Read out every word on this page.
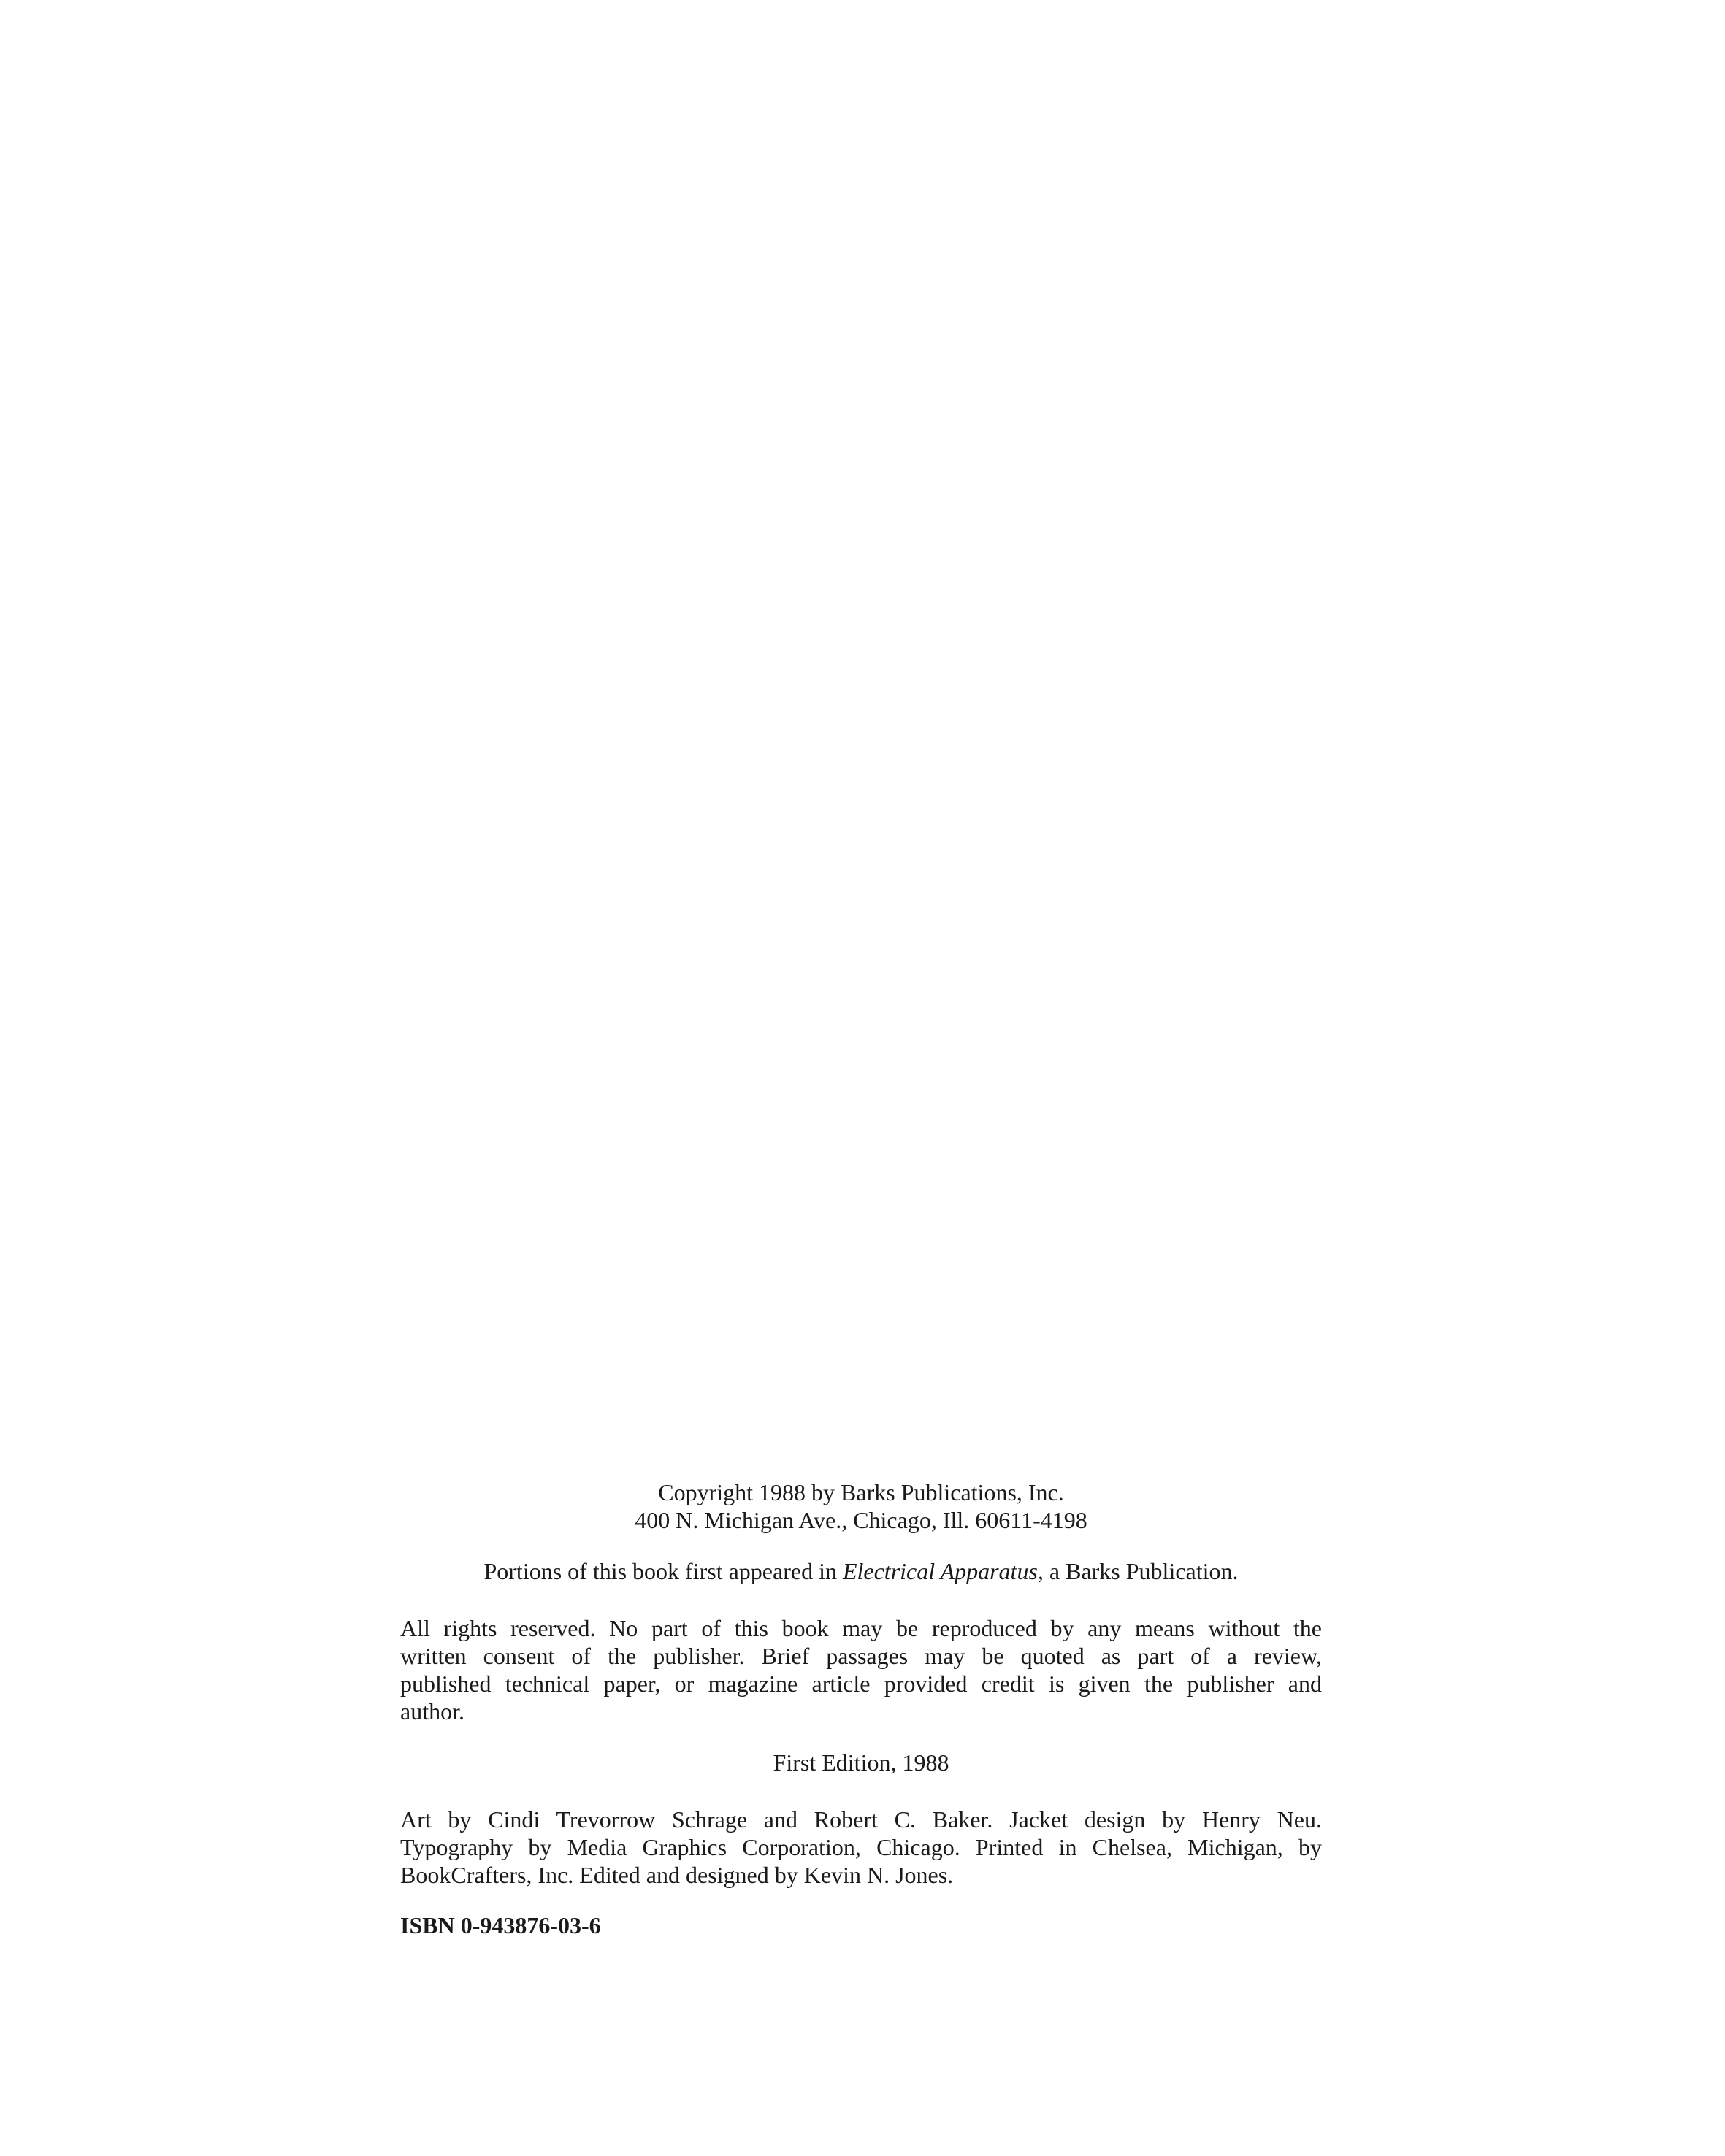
Copyright 1988 by Barks Publications, Inc.
400 N. Michigan Ave., Chicago, Ill. 60611-4198
Portions of this book first appeared in Electrical Apparatus, a Barks Publication.
All rights reserved. No part of this book may be reproduced by any means without the
written consent of the publisher. Brief passages may be quoted as part of a review,
published technical paper, or magazine article provided credit is given the publisher and
author.
First Edition, 1988
Art by Cindi Trevorrow Schrage and Robert C. Baker. Jacket design by Henry Neu.
Typography by Media Graphics Corporation, Chicago. Printed in Chelsea, Michigan, by
BookCrafters, Inc. Edited and designed by Kevin N. Jones.
ISBN 0-943876-03-6
